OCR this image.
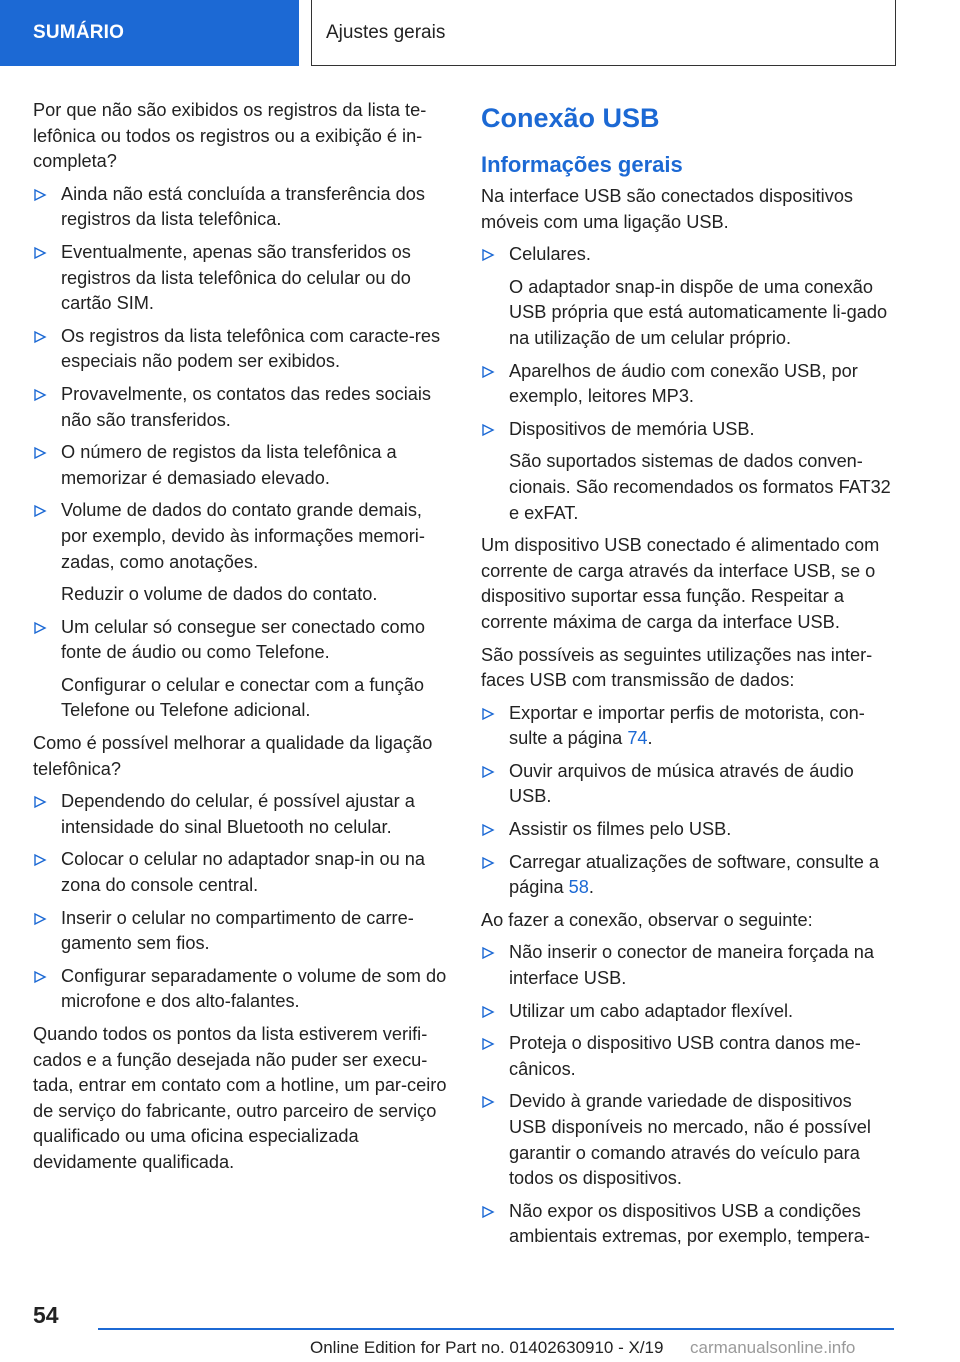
SUMÁRIO	Ajustes gerais

Por que não são exibidos os registros da lista te-lefônica ou todos os registros ou a exibição é in-completa?

Ainda não está concluída a transferência dos registros da lista telefônica.
Eventualmente, apenas são transferidos os registros da lista telefônica do celular ou do cartão SIM.
Os registros da lista telefônica com caracte-res especiais não podem ser exibidos.
Provavelmente, os contatos das redes sociais não são transferidos.
O número de registos da lista telefônica a memorizar é demasiado elevado.
Volume de dados do contato grande demais, por exemplo, devido às informações memori-zadas, como anotações.
Reduzir o volume de dados do contato.
Um celular só consegue ser conectado como fonte de áudio ou como Telefone.
Configurar o celular e conectar com a função Telefone ou Telefone adicional.

Como é possível melhorar a qualidade da ligação telefônica?

Dependendo do celular, é possível ajustar a intensidade do sinal Bluetooth no celular.
Colocar o celular no adaptador snap-in ou na zona do console central.
Inserir o celular no compartimento de carre-gamento sem fios.
Configurar separadamente o volume de som do microfone e dos alto-falantes.

Quando todos os pontos da lista estiverem verifi-cados e a função desejada não puder ser execu-tada, entrar em contato com a hotline, um par-ceiro de serviço do fabricante, outro parceiro de serviço qualificado ou uma oficina especializada devidamente qualificada.

Conexão USB
Informações gerais

Na interface USB são conectados dispositivos móveis com uma ligação USB.

Celulares.
O adaptador snap-in dispõe de uma conexão USB própria que está automaticamente li-gado na utilização de um celular próprio.
Aparelhos de áudio com conexão USB, por exemplo, leitores MP3.
Dispositivos de memória USB.
São suportados sistemas de dados conven-cionais. São recomendados os formatos FAT32 e exFAT.

Um dispositivo USB conectado é alimentado com corrente de carga através da interface USB, se o dispositivo suportar essa função. Respeitar a corrente máxima de carga da interface USB.

São possíveis as seguintes utilizações nas inter-faces USB com transmissão de dados:

Exportar e importar perfis de motorista, con-sulte a página 74.
Ouvir arquivos de música através de áudio USB.
Assistir os filmes pelo USB.
Carregar atualizações de software, consulte a página 58.

Ao fazer a conexão, observar o seguinte:

Não inserir o conector de maneira forçada na interface USB.
Utilizar um cabo adaptador flexível.
Proteja o dispositivo USB contra danos me-cânicos.
Devido à grande variedade de dispositivos USB disponíveis no mercado, não é possível garantir o comando através do veículo para todos os dispositivos.
Não expor os dispositivos USB a condições ambientais extremas, por exemplo, tempera-
54
Online Edition for Part no. 01402630910 - X/19 carmanualsonline.info
